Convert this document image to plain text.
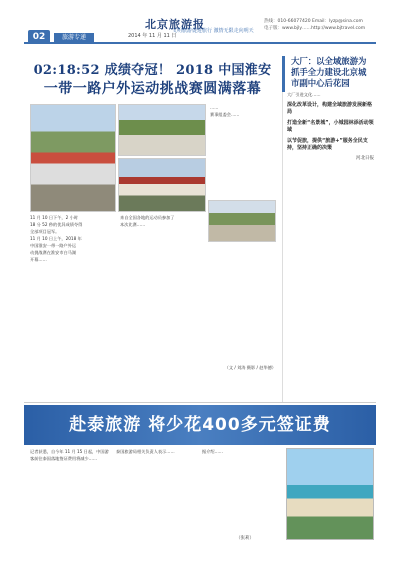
02	旅游专递
北京旅游报
2014 年 11 月 11 日
文明旅游促进旅行 激情无限走向明天
热线：010-66077420 Email：lyzp@sina.com
电子版：www.bjly……http://www.bjtravel.com
02:18:52 成绩夺冠！ 2018 中国淮安
一带一路户外运动挑战赛圆满落幕
11 月 10 日下午，2 小时
18 分 52 秒的优异成绩夺得
全部项目冠军。
11 月 10 日上午，2018 年
中国淮安一带一路户外运
动挑战赛在淮安市白马湖
开幕……
来自全国各地的运动员参加了
本次比赛……
……
赛事组委会……
（文 / 刘涛 摄影 / 赵华德）
大厂：以全域旅游为抓手全力建设北京城市副中心后花园
大厂引进文化……
深化改革设计，构建全域旅游发展新格局
打造全新“名景城”，小城园林添活动领域
以节促旅，提供“旅游+”服务全民支持，坚持正确的决策
河北日报
赴泰旅游 将少花400多元签证费
记者获悉，自今年 11 月 15 日起，中国游客前往泰国落地签证费用将减少……
泰国旅游局相关负责人表示……	据介绍……
（张莉）
